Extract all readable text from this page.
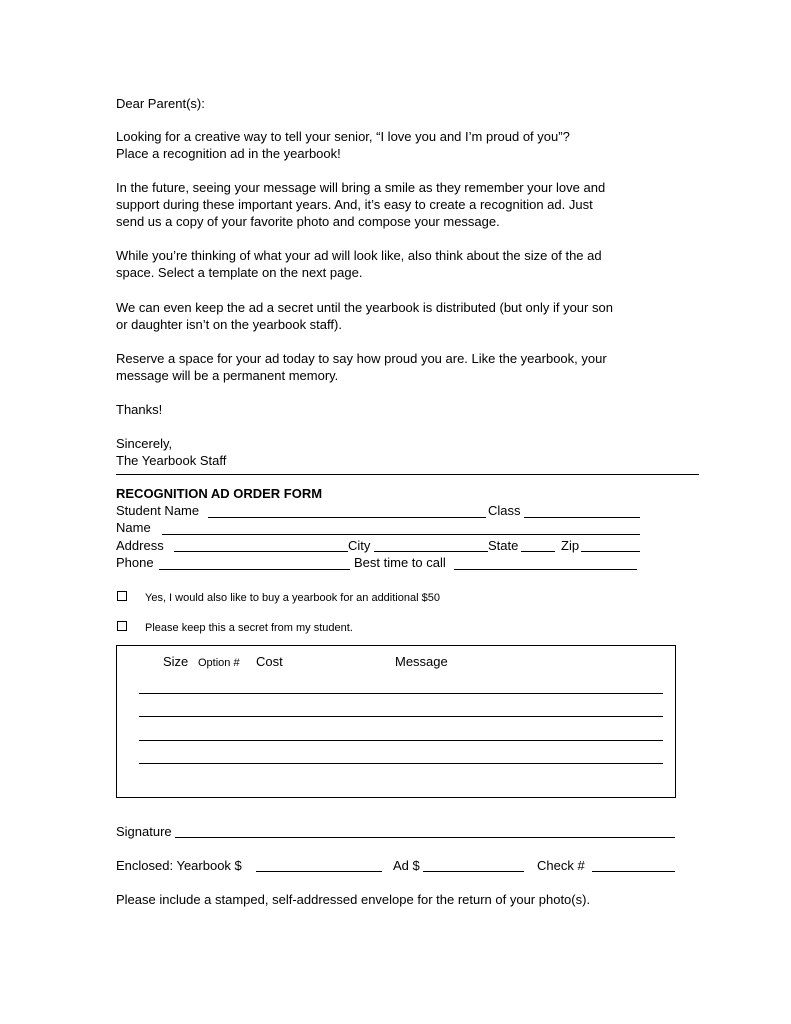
Dear Parent(s):
Looking for a creative way to tell your senior, “I love you and I’m proud of you”?
Place a recognition ad in the yearbook!
In the future, seeing your message will bring a smile as they remember your love and
support during these important years. And, it’s easy to create a recognition ad. Just
send us a copy of your favorite photo and compose your message.
While you’re thinking of what your ad will look like, also think about the size of the ad
space. Select a template on the next page.
We can even keep the ad a secret until the yearbook is distributed (but only if your son
or daughter isn’t on the yearbook staff).
Reserve a space for your ad today to say how proud you are. Like the yearbook, your
message will be a permanent memory.
Thanks!
Sincerely,
The Yearbook Staff
RECOGNITION AD ORDER FORM
Student Name	Class
Name
Address	City	State	Zip
Phone	Best time to call
Yes, I would also like to buy a yearbook for an additional $50
Please keep this a secret from my student.
Size Option # Cost	Message
Signature
Enclosed: Yearbook $	Ad $	Check #
Please include a stamped, self-addressed envelope for the return of your photo(s).
